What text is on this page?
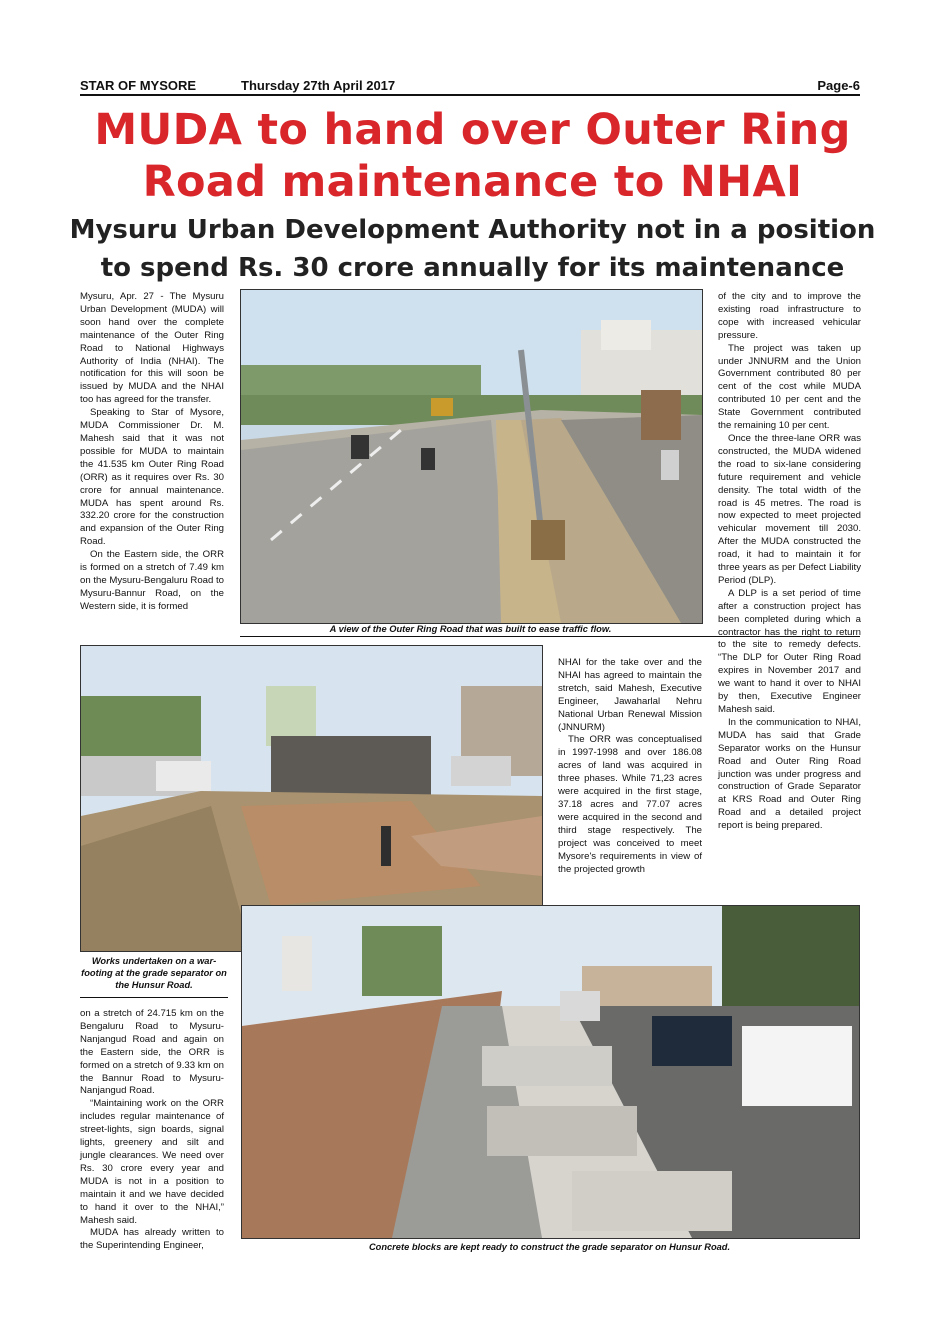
STAR OF MYSORE	Thursday 27th April 2017	Page-6
MUDA to hand over Outer Ring
Road maintenance to NHAI
Mysuru Urban Development Authority not in a position
to spend Rs. 30 crore annually for its maintenance

Mysuru, Apr. 27 - The Mysuru Urban Development (MUDA) will soon hand over the complete maintenance of the Outer Ring Road to National Highways Authority of India (NHAI). The notification for this will soon be issued by MUDA and the NHAI too has agreed for the transfer.

Speaking to Star of Mysore, MUDA Commissioner Dr. M. Mahesh said that it was not possible for MUDA to maintain the 41.535 km Outer Ring Road (ORR) as it requires over Rs. 30 crore for annual maintenance. MUDA has spent around Rs. 332.20 crore for the construction and expansion of the Outer Ring Road.

On the Eastern side, the ORR is formed on a stretch of 7.49 km on the Mysuru-Bengaluru Road to Mysuru-Bannur Road, on the Western side, it is formed

A view of the Outer Ring Road that was built to ease traffic flow.

of the city and to improve the existing road infrastructure to cope with increased vehicular pressure.

The project was taken up under JNNURM and the Union Government contributed 80 per cent of the cost while MUDA contributed 10 per cent and the State Government contributed the remaining 10 per cent.

Once the three-lane ORR was constructed, the MUDA widened the road to six-lane considering future requirement and vehicle density. The total width of the road is 45 metres. The road is now expected to meet projected vehicular movement till 2030. After the MUDA constructed the road, it had to maintain it for three years as per Defect Liability Period (DLP).

A DLP is a set period of time after a construction project has been completed during which a contractor has the right to return to the site to remedy defects. “The DLP for Outer Ring Road expires in November 2017 and we want to hand it over to NHAI by then, Executive Engineer Mahesh said.

In the communication to NHAI, MUDA has said that Grade Separator works on the Hunsur Road and Outer Ring Road junction was under progress and construction of Grade Separator at KRS Road and Outer Ring Road and a detailed project report is being prepared.

Works undertaken on a war-footing at the grade separator on the Hunsur Road.

NHAI for the take over and the NHAI has agreed to maintain the stretch, said Mahesh, Executive Engineer, Jawaharlal Nehru National Urban Renewal Mission (JNNURM)

The ORR was conceptualised in 1997-1998 and over 186.08 acres of land was acquired in three phases. While 71,23 acres were acquired in the first stage, 37.18 acres and 77.07 acres were acquired in the second and third stage respectively. The project was conceived to meet Mysore's requirements in view of the projected growth

on a stretch of 24.715 km on the Bengaluru Road to Mysuru-Nanjangud Road and again on the Eastern side, the ORR is formed on a stretch of 9.33 km on the Bannur Road to Mysuru-Nanjangud Road.

“Maintaining work on the ORR includes regular maintenance of street-lights, sign boards, signal lights, greenery and silt and jungle clearances. We need over Rs. 30 crore every year and MUDA is not in a position to maintain it and we have decided to hand it over to the NHAI,” Mahesh said.

MUDA has already written to the Superintending Engineer,	Concrete blocks are kept ready to construct the grade separator on Hunsur Road.
